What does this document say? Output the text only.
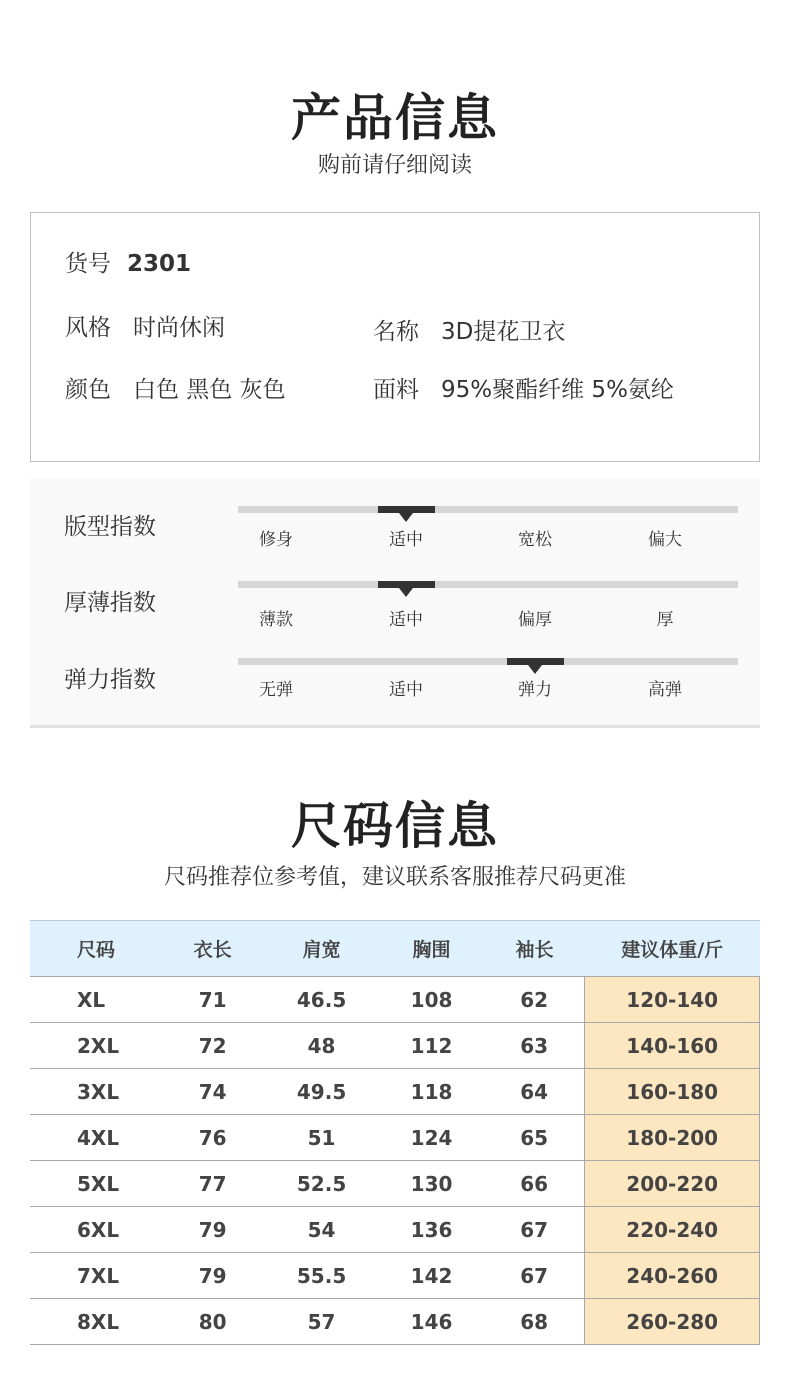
产品信息
购前请仔细阅读
货号 2301
风格 时尚休闲	名称 3D提花卫衣
颜色 白色 黑色 灰色	面料 95%聚酯纤维 5%氨纶
版型指数	修身	适中	宽松	偏大
厚薄指数
薄款	适中	偏厚	厚
弹力指数	无弹	适中	弹力	高弹
尺码信息
尺码推荐位参考值，建议联系客服推荐尺码更准
尺码	衣长	肩宽	胸围	袖长	建议体重/斤
XL	71	46.5	108	62	120-140
2XL	72	48	112	63	140-160
3XL	74	49.5	118	64	160-180
4XL	76	51	124	65	180-200
5XL	77	52.5	130	66	200-220
6XL	79	54	136	67	220-240
7XL	79	55.5	142	67	240-260
8XL	80	57	146	68	260-280
